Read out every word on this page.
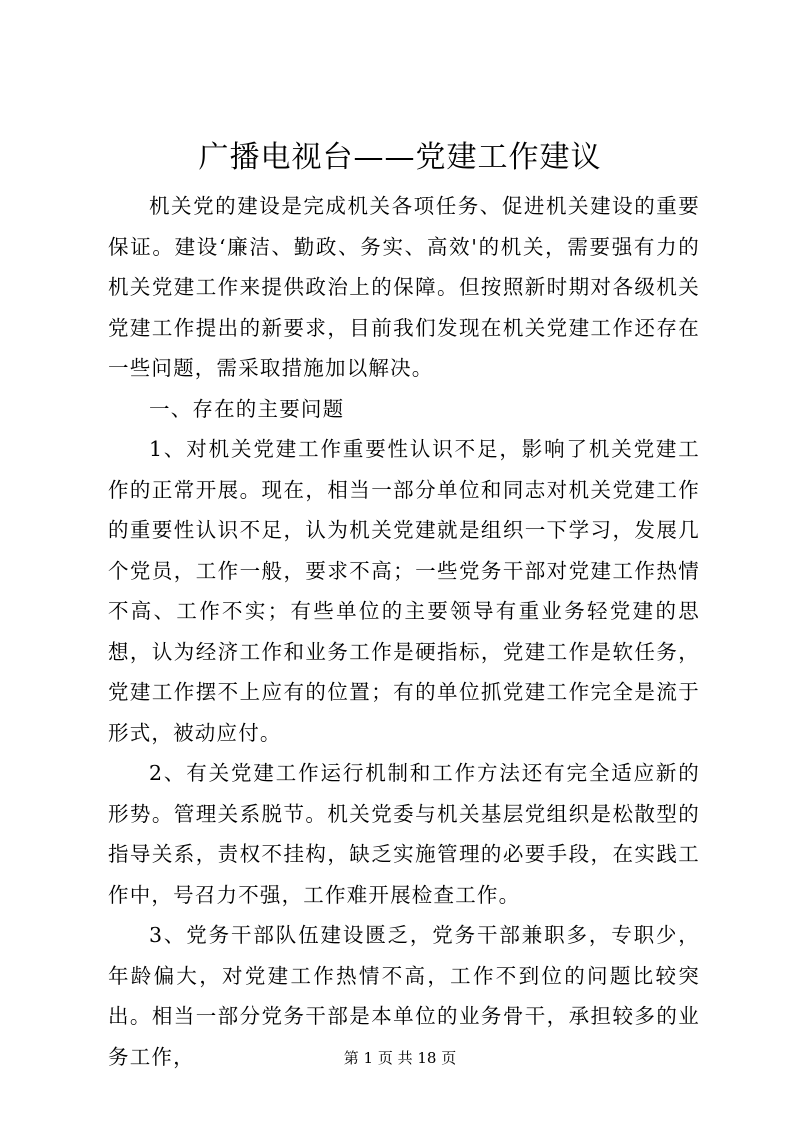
广播电视台——党建工作建议

机关党的建设是完成机关各项任务、促进机关建设的重要保证。建设‘廉洁、勤政、务实、高效'的机关，需要强有力的机关党建工作来提供政治上的保障。但按照新时期对各级机关党建工作提出的新要求，目前我们发现在机关党建工作还存在一些问题，需采取措施加以解决。

一、存在的主要问题

1、对机关党建工作重要性认识不足，影响了机关党建工作的正常开展。现在，相当一部分单位和同志对机关党建工作的重要性认识不足，认为机关党建就是组织一下学习，发展几个党员，工作一般，要求不高；一些党务干部对党建工作热情不高、工作不实；有些单位的主要领导有重业务轻党建的思想，认为经济工作和业务工作是硬指标，党建工作是软任务，党建工作摆不上应有的位置；有的单位抓党建工作完全是流于形式，被动应付。

2、有关党建工作运行机制和工作方法还有完全适应新的形势。管理关系脱节。机关党委与机关基层党组织是松散型的指导关系，责权不挂构，缺乏实施管理的必要手段，在实践工作中，号召力不强，工作难开展检查工作。

3、党务干部队伍建设匮乏，党务干部兼职多，专职少，年龄偏大，对党建工作热情不高，工作不到位的问题比较突出。相当一部分党务干部是本单位的业务骨干，承担较多的业务工作，	第 1 页 共 18 页
